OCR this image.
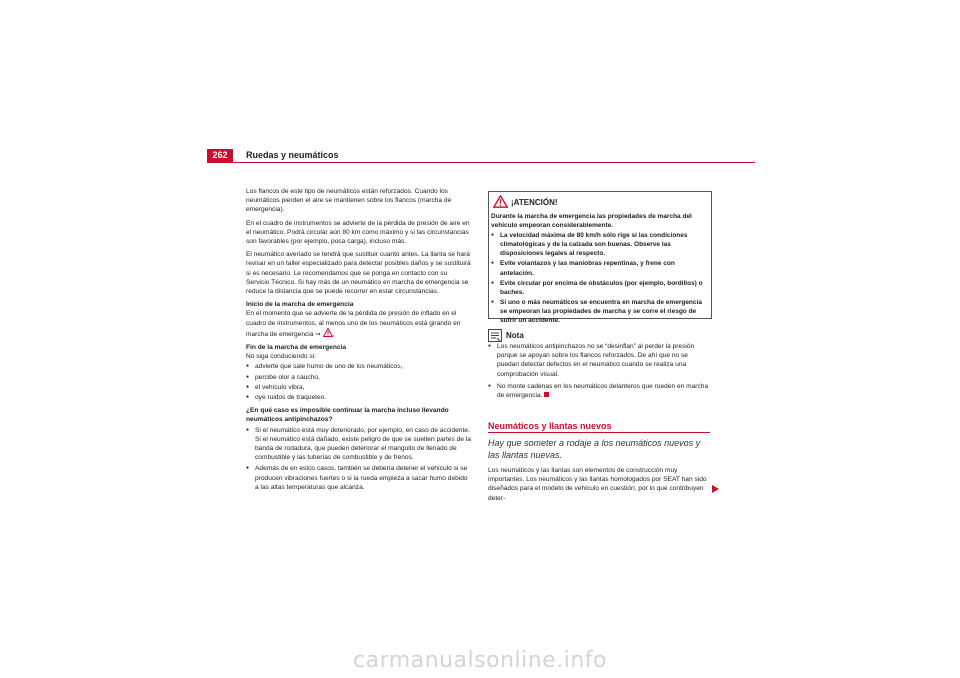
262	Ruedas y neumáticos

Los flancos de este tipo de neumáticos están reforzados. Cuando los neumáticos pierden el aire se mantienen sobre los flancos (marcha de emergencia).

En el cuadro de instrumentos se advierte de la pérdida de presión de aire en el neumático. Podrá circular aún 80 km como máximo y si las circunstancias son favorables (por ejemplo, poca carga), incluso más.

El neumático averiado se tendrá que sustituir cuanto antes. La llanta se hará revisar en un taller especializado para detectar posibles daños y se sustituirá si es necesario. Le recomendamos que se ponga en contacto con su Servicio Técnico. Si hay más de un neumático en marcha de emergencia se reduce la distancia que se puede recorrer en estar circunstancias.

Inicio de la marcha de emergencia

En el momento que se advierte de la pérdida de presión de inflado en el cuadro de instrumentos, al menos uno de los neumáticos está girando en marcha de emergencia ⇒ .

Fin de la marcha de emergencia

No siga conduciendo si:

● advierte que sale humo de uno de los neumáticos,
● percibe olor a caucho,
● el vehículo vibra,
● oye ruidos de traqueteo.

¿En qué caso es imposible continuar la marcha incluso llevando neumáticos antipinchazos?

● Si el neumático está muy deteriorado, por ejemplo, en caso de accidente. Si el neumático está dañado, existe peligro de que se suelten partes de la banda de rodadura, que pueden deteriorar el manguito de llenado de combustible y las tuberías de combustible y de frenos.
● Además de en estos casos, también se debería detener el vehículo si se producen vibraciones fuertes o si la rueda empieza a sacar humo debido a las altas temperaturas que alcanza.
¡ATENCIÓN!

Durante la marcha de emergencia las propiedades de marcha del vehículo empeoran considerablemente.

● La velocidad máxima de 80 km/h sólo rige si las condiciones climatológicas y de la calzada son buenas. Observe las disposiciones legales al respecto.
● Evite volantazos y las maniobras repentinas, y frene con antelación.
● Evite circular por encima de obstáculos (por ejemplo, bordillos) o baches.
● Si uno o más neumáticos se encuentra en marcha de emergencia se empeoran las propiedades de marcha y se corre el riesgo de sufrir un accidente.
Nota
● Los neumáticos antipinchazos no se “desinflan” al perder la presión porque se apoyan sobre los flancos reforzados. De ahí que no se puedan detectar defectos en el neumático cuando se realiza una comprobación visual.
● No monte cadenas en los neumáticos delanteros que rueden en marcha de emergencia.
Neumáticos y llantas nuevos
Hay que someter a rodaje a los neumáticos nuevos y las llantas nuevas.
Los neumáticos y las llantas son elementos de construcción muy importantes. Los neumáticos y las llantas homologados por SEAT han sido diseñados para el modelo de vehículo en cuestión, por lo que contribuyen deter-
carmanualsonline.info
